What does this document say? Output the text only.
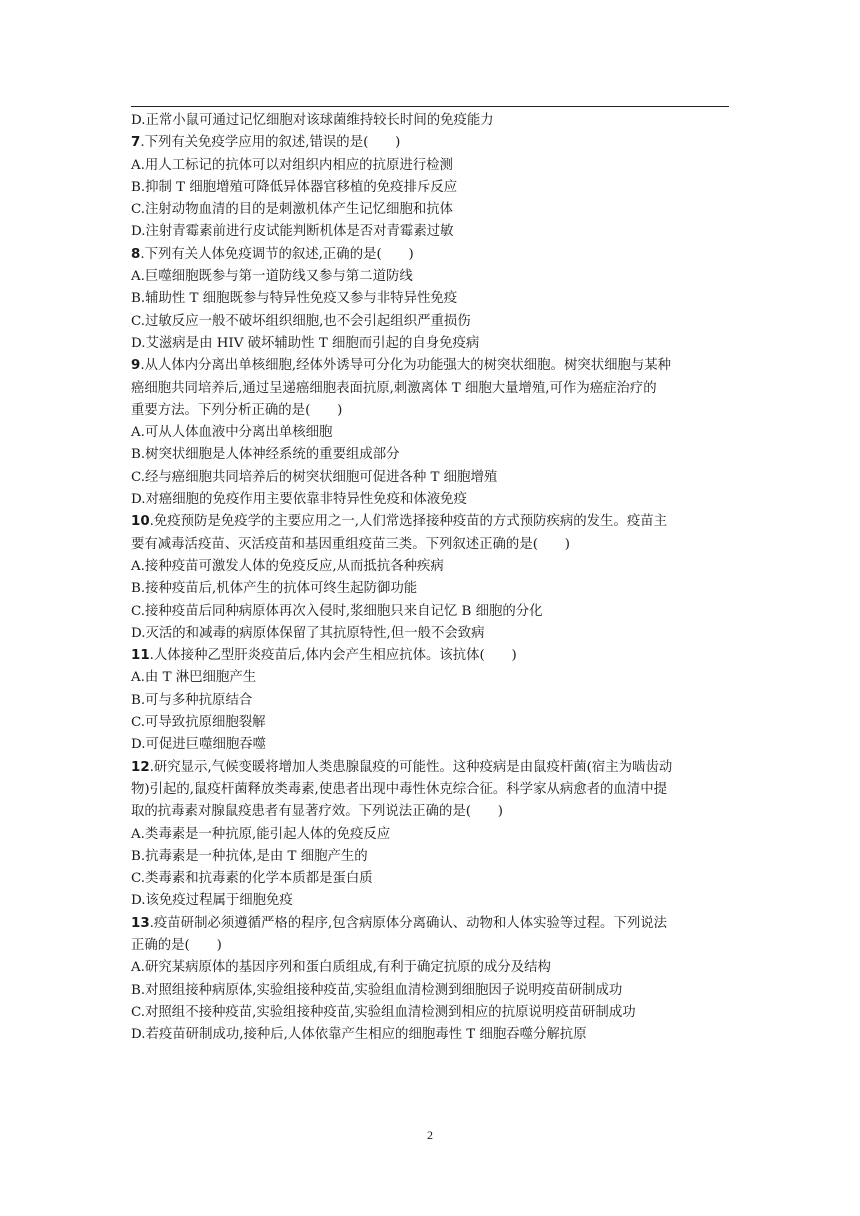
D.正常小鼠可通过记忆细胞对该球菌维持较长时间的免疫能力
7.下列有关免疫学应用的叙述,错误的是(　　)
A.用人工标记的抗体可以对组织内相应的抗原进行检测
B.抑制 T 细胞增殖可降低异体器官移植的免疫排斥反应
C.注射动物血清的目的是刺激机体产生记忆细胞和抗体
D.注射青霉素前进行皮试能判断机体是否对青霉素过敏
8.下列有关人体免疫调节的叙述,正确的是(　　)
A.巨噬细胞既参与第一道防线又参与第二道防线
B.辅助性 T 细胞既参与特异性免疫又参与非特异性免疫
C.过敏反应一般不破坏组织细胞,也不会引起组织严重损伤
D.艾滋病是由 HIV 破坏辅助性 T 细胞而引起的自身免疫病
9.从人体内分离出单核细胞,经体外诱导可分化为功能强大的树突状细胞。树突状细胞与某种
癌细胞共同培养后,通过呈递癌细胞表面抗原,刺激离体 T 细胞大量增殖,可作为癌症治疗的
重要方法。下列分析正确的是(　　)
A.可从人体血液中分离出单核细胞
B.树突状细胞是人体神经系统的重要组成部分
C.经与癌细胞共同培养后的树突状细胞可促进各种 T 细胞增殖
D.对癌细胞的免疫作用主要依靠非特异性免疫和体液免疫
10.免疫预防是免疫学的主要应用之一,人们常选择接种疫苗的方式预防疾病的发生。疫苗主
要有减毒活疫苗、灭活疫苗和基因重组疫苗三类。下列叙述正确的是(　　)
A.接种疫苗可激发人体的免疫反应,从而抵抗各种疾病
B.接种疫苗后,机体产生的抗体可终生起防御功能
C.接种疫苗后同种病原体再次入侵时,浆细胞只来自记忆 B 细胞的分化
D.灭活的和减毒的病原体保留了其抗原特性,但一般不会致病
11.人体接种乙型肝炎疫苗后,体内会产生相应抗体。该抗体(　　)
A.由 T 淋巴细胞产生
B.可与多种抗原结合
C.可导致抗原细胞裂解
D.可促进巨噬细胞吞噬
12.研究显示,气候变暖将增加人类患腺鼠疫的可能性。这种疫病是由鼠疫杆菌(宿主为啮齿动
物)引起的,鼠疫杆菌释放类毒素,使患者出现中毒性休克综合征。科学家从病愈者的血清中提
取的抗毒素对腺鼠疫患者有显著疗效。下列说法正确的是(　　)
A.类毒素是一种抗原,能引起人体的免疫反应
B.抗毒素是一种抗体,是由 T 细胞产生的
C.类毒素和抗毒素的化学本质都是蛋白质
D.该免疫过程属于细胞免疫
13.疫苗研制必须遵循严格的程序,包含病原体分离确认、动物和人体实验等过程。下列说法
正确的是(　　)
A.研究某病原体的基因序列和蛋白质组成,有利于确定抗原的成分及结构
B.对照组接种病原体,实验组接种疫苗,实验组血清检测到细胞因子说明疫苗研制成功
C.对照组不接种疫苗,实验组接种疫苗,实验组血清检测到相应的抗原说明疫苗研制成功
D.若疫苗研制成功,接种后,人体依靠产生相应的细胞毒性 T 细胞吞噬分解抗原
2
